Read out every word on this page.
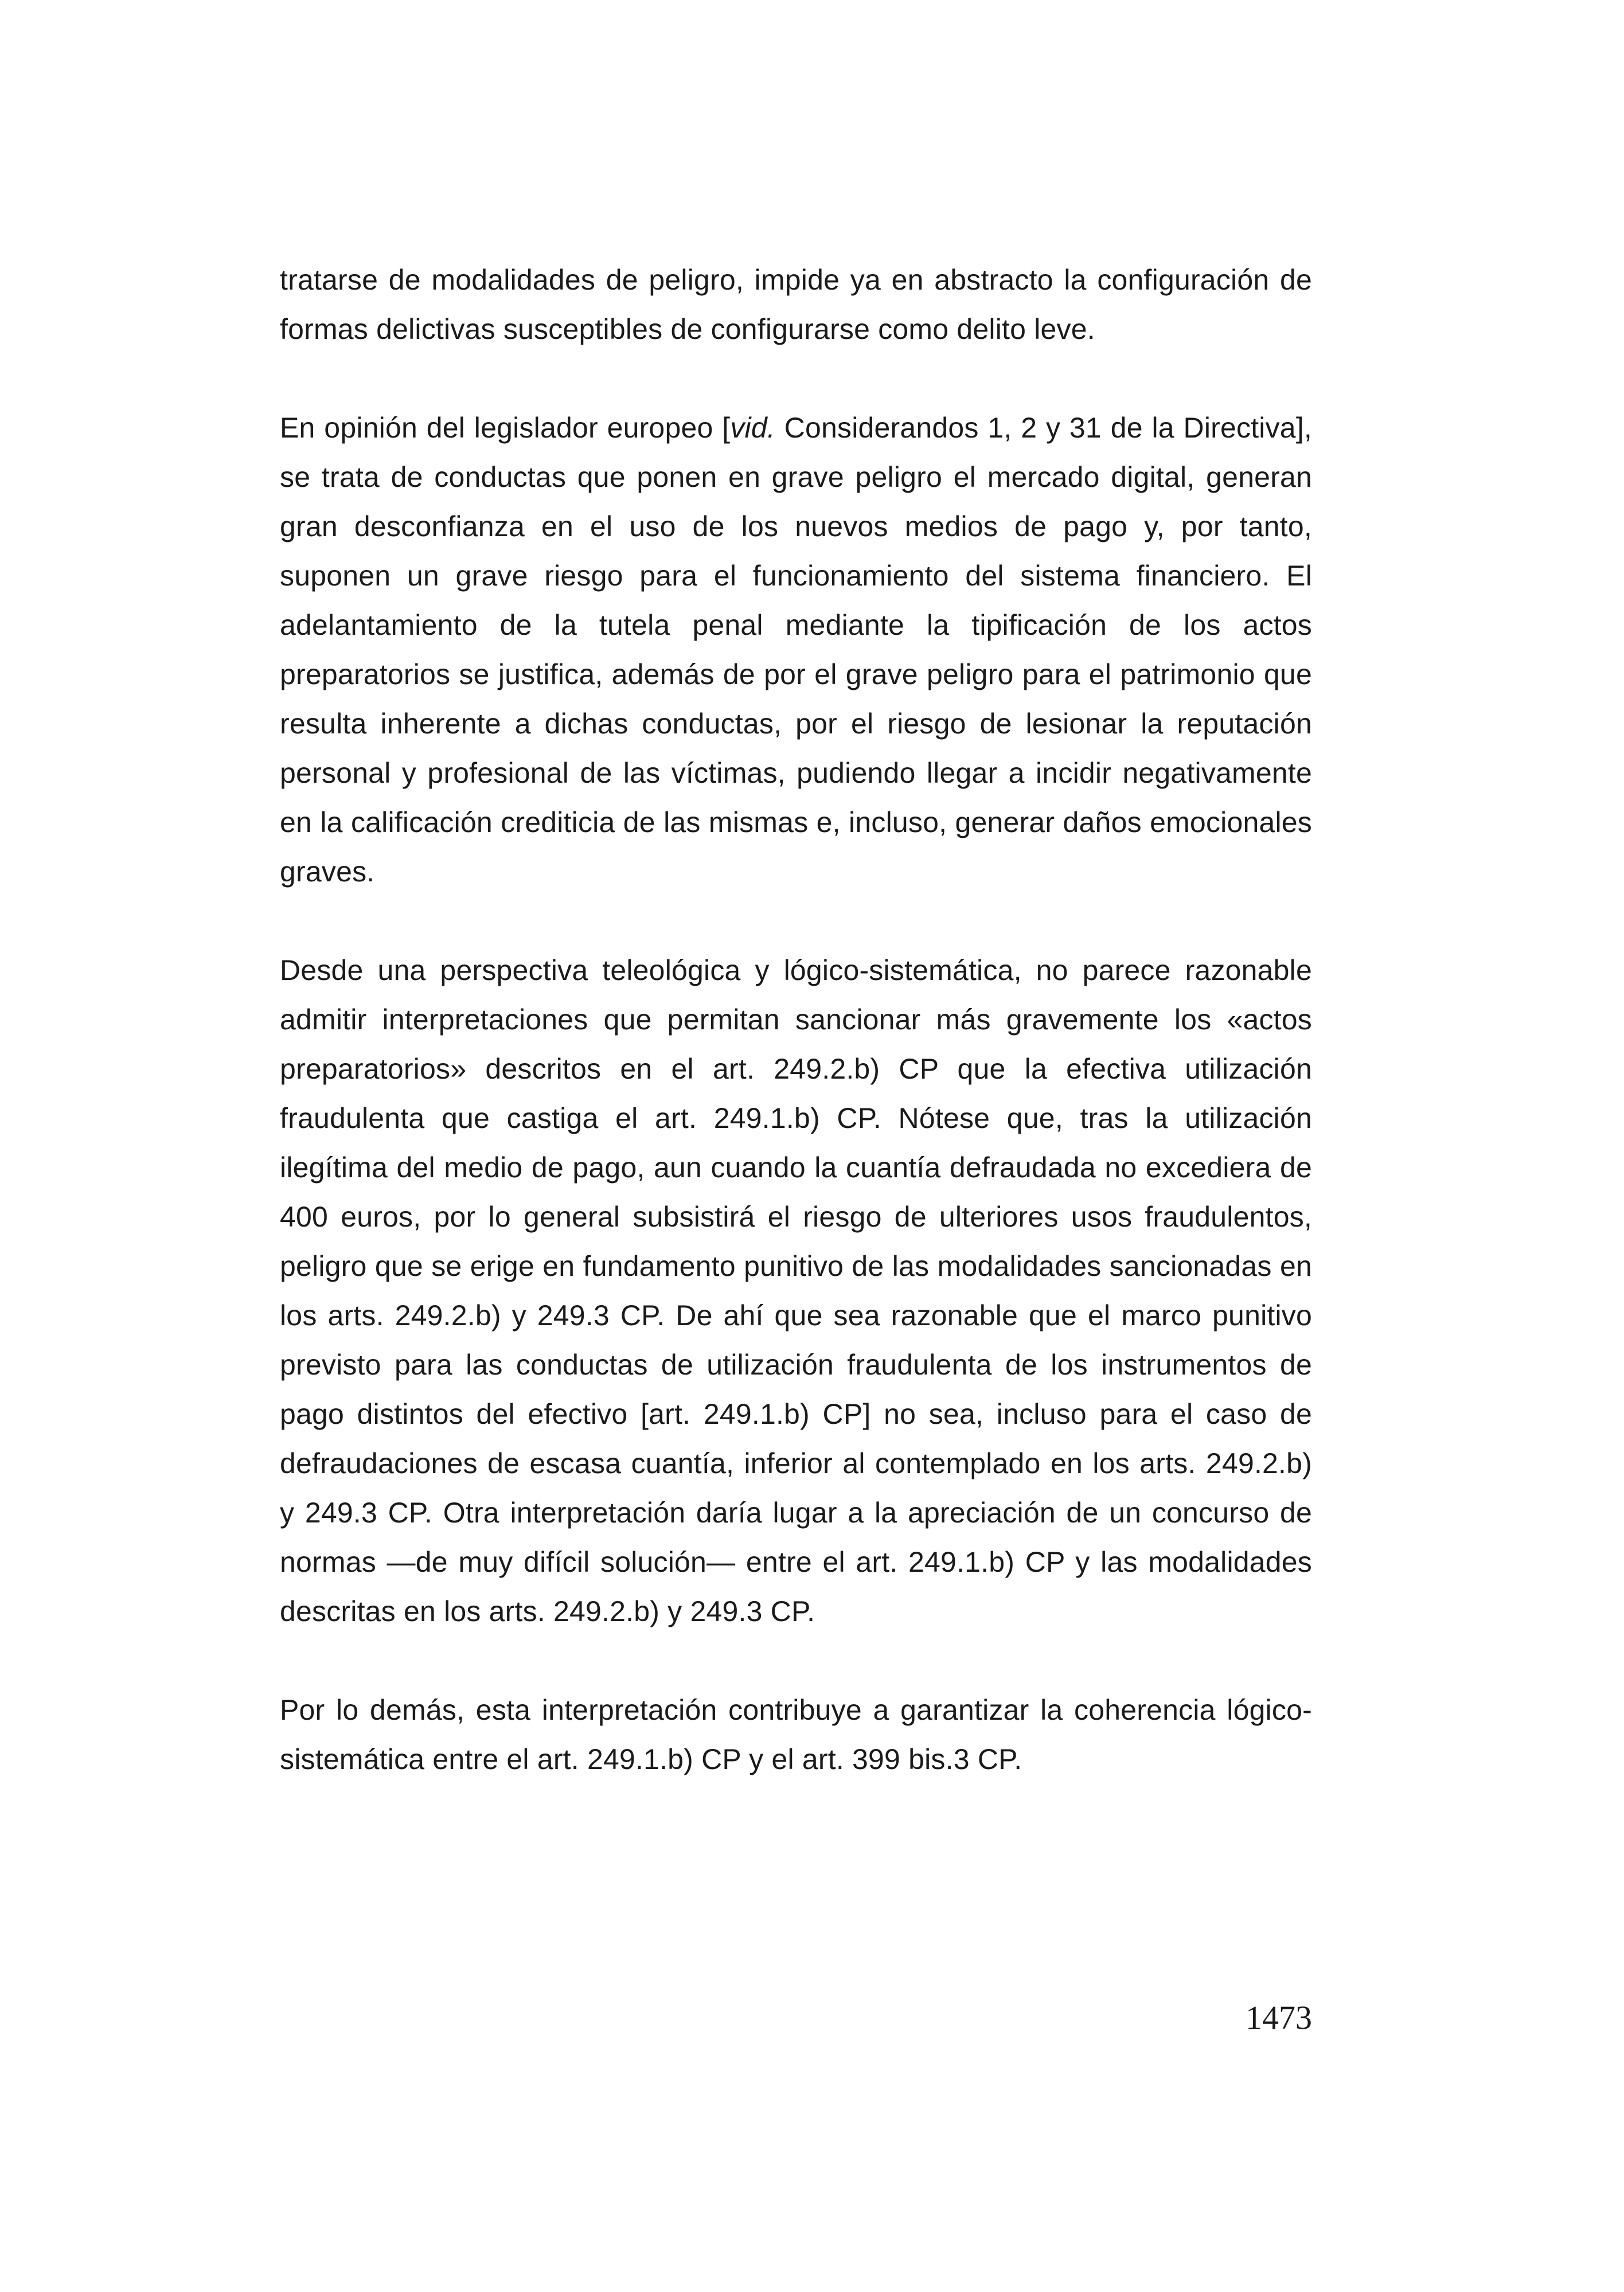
tratarse de modalidades de peligro, impide ya en abstracto la configuración de formas delictivas susceptibles de configurarse como delito leve.

En opinión del legislador europeo [vid. Considerandos 1, 2 y 31 de la Directiva], se trata de conductas que ponen en grave peligro el mercado digital, generan gran desconfianza en el uso de los nuevos medios de pago y, por tanto, suponen un grave riesgo para el funcionamiento del sistema financiero. El adelantamiento de la tutela penal mediante la tipificación de los actos preparatorios se justifica, además de por el grave peligro para el patrimonio que resulta inherente a dichas conductas, por el riesgo de lesionar la reputación personal y profesional de las víctimas, pudiendo llegar a incidir negativamente en la calificación crediticia de las mismas e, incluso, generar daños emocionales graves.

Desde una perspectiva teleológica y lógico-sistemática, no parece razonable admitir interpretaciones que permitan sancionar más gravemente los «actos preparatorios» descritos en el art. 249.2.b) CP que la efectiva utilización fraudulenta que castiga el art. 249.1.b) CP. Nótese que, tras la utilización ilegítima del medio de pago, aun cuando la cuantía defraudada no excediera de 400 euros, por lo general subsistirá el riesgo de ulteriores usos fraudulentos, peligro que se erige en fundamento punitivo de las modalidades sancionadas en los arts. 249.2.b) y 249.3 CP. De ahí que sea razonable que el marco punitivo previsto para las conductas de utilización fraudulenta de los instrumentos de pago distintos del efectivo [art. 249.1.b) CP] no sea, incluso para el caso de defraudaciones de escasa cuantía, inferior al contemplado en los arts. 249.2.b) y 249.3 CP. Otra interpretación daría lugar a la apreciación de un concurso de normas —de muy difícil solución— entre el art. 249.1.b) CP y las modalidades descritas en los arts. 249.2.b) y 249.3 CP.

Por lo demás, esta interpretación contribuye a garantizar la coherencia lógico-sistemática entre el art. 249.1.b) CP y el art. 399 bis.3 CP.

1473
